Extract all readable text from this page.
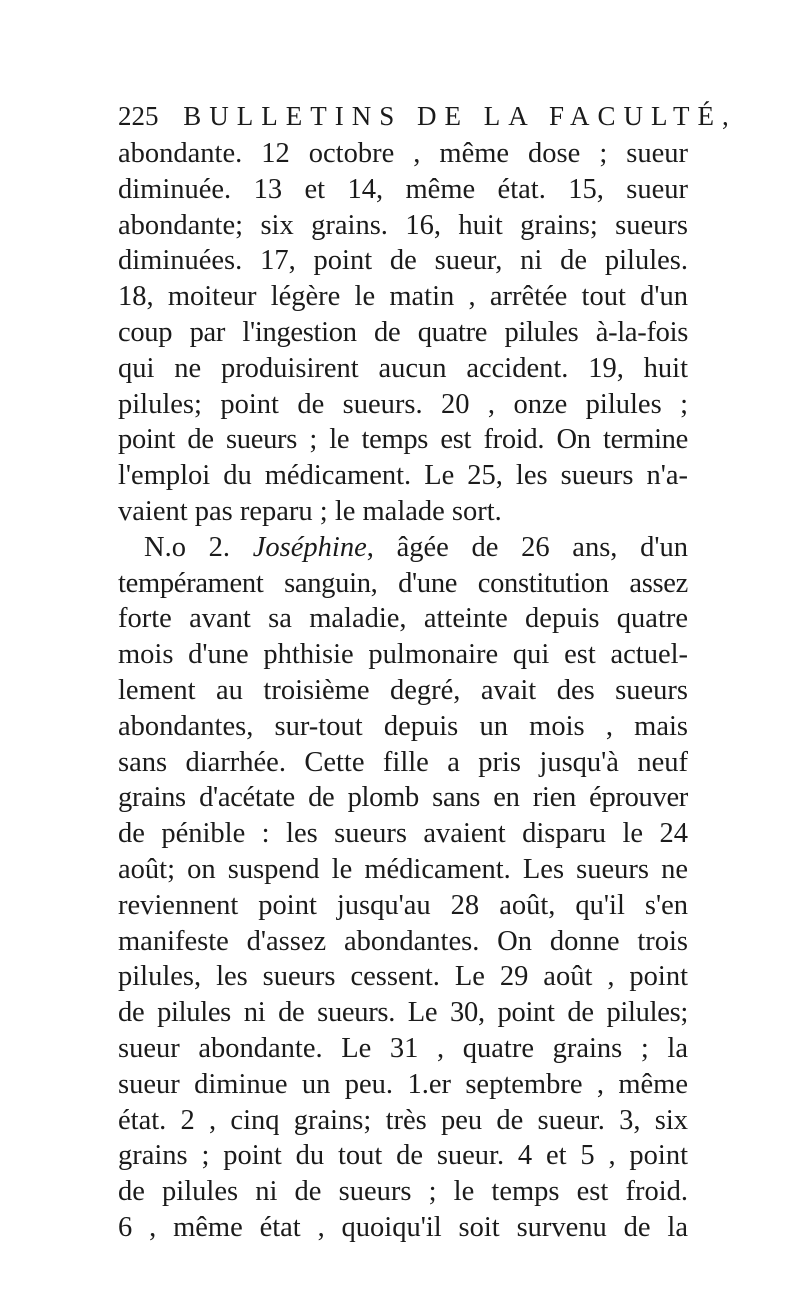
225 BULLETINS DE LA FACULTÉ,
abondante. 12 octobre , même dose ; sueur
diminuée. 13 et 14, même état. 15, sueur
abondante; six grains. 16, huit grains; sueurs
diminuées. 17, point de sueur, ni de pilules.
18, moiteur légère le matin , arrêtée tout d'un
coup par l'ingestion de quatre pilules à-la-fois
qui ne produisirent aucun accident. 19, huit
pilules; point de sueurs. 20 , onze pilules ;
point de sueurs ; le temps est froid. On termine
l'emploi du médicament. Le 25, les sueurs n'a-
vaient pas reparu ; le malade sort.
N.o 2. Joséphine, âgée de 26 ans, d'un
tempérament sanguin, d'une constitution assez
forte avant sa maladie, atteinte depuis quatre
mois d'une phthisie pulmonaire qui est actuel-
lement au troisième degré, avait des sueurs
abondantes, sur-tout depuis un mois , mais
sans diarrhée. Cette fille a pris jusqu'à neuf
grains d'acétate de plomb sans en rien éprouver
de pénible : les sueurs avaient disparu le 24
août; on suspend le médicament. Les sueurs ne
reviennent point jusqu'au 28 août, qu'il s'en
manifeste d'assez abondantes. On donne trois
pilules, les sueurs cessent. Le 29 août , point
de pilules ni de sueurs. Le 30, point de pilules;
sueur abondante. Le 31 , quatre grains ; la
sueur diminue un peu. 1.er septembre , même
état. 2 , cinq grains; très peu de sueur. 3, six
grains ; point du tout de sueur. 4 et 5 , point
de pilules ni de sueurs ; le temps est froid.
6 , même état , quoiqu'il soit survenu de la
